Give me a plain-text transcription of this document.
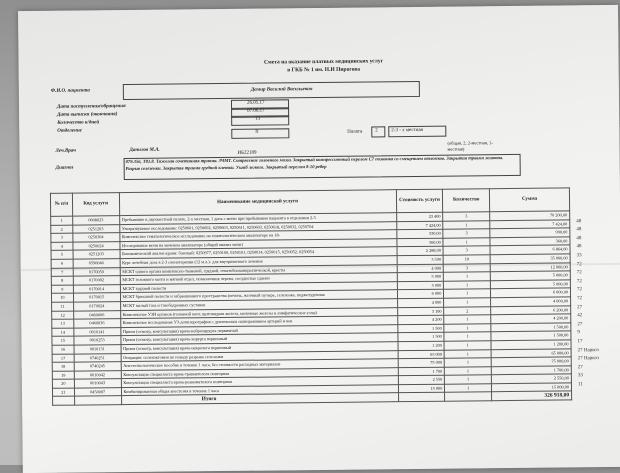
Смета на оказание платных медицинских услуг
в ГКБ № 1 им. Н.И Пирогова
Ф.И.О. пациента	Дамир Василий Васильевич
Дата поступления/обращения
26.05.17
Дата выписки (окончания)
07.06.17
Количество к/дней
13
Отделение	II	Палата	2	2-3 - х местная
(общая, 2, 2-местная, 1-местная)
Леч.Врач	Данилов М.А.
ИБ22189
Диагноз
079.356, T81.8. Тяжелая сочетанная травма. ЗЧМТ. Сотрясение головного мозга. Закрытый компрессионный перелом С7 позвонка со смещением отломков. Закрытая травма живота. Разрыв селезенки. Закрытая травма грудной клетки. Ушиб легкого. Закрытый перелом 8-10 ребер
№ п/п	Код услуги	Наименование медицинской услуги	Стоимость услуги	Количество	Сумма
1	0608023	Пребывание в двухместной палате, 2-х местная, 1 день с меню при пребывании пациента в отделении 2-3	23 400	3	70 200,00
2	0251203	Ультразвуковое исследование: 0250601, 0250602, 0250603, 0250611, 0250603, 0250618, 0250632, 0250704	7 424,00	1	7 424,00
3	0250304	Комплексное гематологическое исследование на гематологическом анализаторе на 18-	330,00	3	990,00
4	0250024	Исследование мочи на мочевом анализаторе (общий анализ мочи)	360,00	1	360,00
5	0251203	Биохимический анализ крови: базовый: 0250977, 0250100, 0250101, 0250014, 0250015, 0250052, 0250054	2 288,00	3	6 864,00
6	0590046	Курс лечебная доза в 2-3 озонотерапии (12 м.л.)- для внутривенного лечения	3 500	10	35 000,00
7	0170050	МСКТ одного органа комплексно-тканевой, грудной, гепатобиопанкреатической, кристы	4 000	3	12 000,00
8	0170002	МСКТ головного мозга и мягкий отдел, позвоночник черепа, сосудистые сдвиги	5 000	1	5 000,00
9	0170014	МСКТ грудной полости	5 000	1	5 000,00
10	0170015	МСКТ брюшной полости и забрюшинного пространства (печень, желчный пузырь, селезенка, поджелудочная	6 000	1	6 000,00
11	0170024	МСКТ малый таза и тазобедренных суставов	4 000	1	4 000,00
12	0460006	Комплексное УЗИ органов (головной мозг, щитовидная железа, молочные железы и лимфатические узлы)	3 100	2	6 200,00
13	0460036	Комплексное исследование УЗ-допплерография с дуплексным сканированием артерий и вен	4 200	1	4 200,00
14	0010141	Прием (осмотр, консультация) врача-нейрохирурга первичный	1 500	1	1 500,00
15	0010253	Прием (осмотр, консультация) врача-хирурга первичный	1 500	1	1 500,00
16	0010131	Прием (осмотр, консультация) врача-невролога первичный	1 200	1	1 200,00
17	0740251	Операция: спленэктомия по поводу разрыва селезенки	65 000	1	65 000,00
18	0740245	Анестезиологическое пособие в течение 1 часа, без стоимости расходных материалов	75 000	1	75 000,00
19	0010042	Консультация специалиста врача-травматолога повторная	1 700	1	1 700,00
20	0010043	Консультация специалиста врача-реаниматолога повторная	2 550	1	2 550,00
21	0450007	Комбинированная общая анестезия в течение 1 часа	15 000	1	15 000,00
		Итого			326 918,00
48
48
48
48
33
72
72
72
72
72
27
42
27
9
17
27 Наркоз
27 Наркоз
27
33
11
